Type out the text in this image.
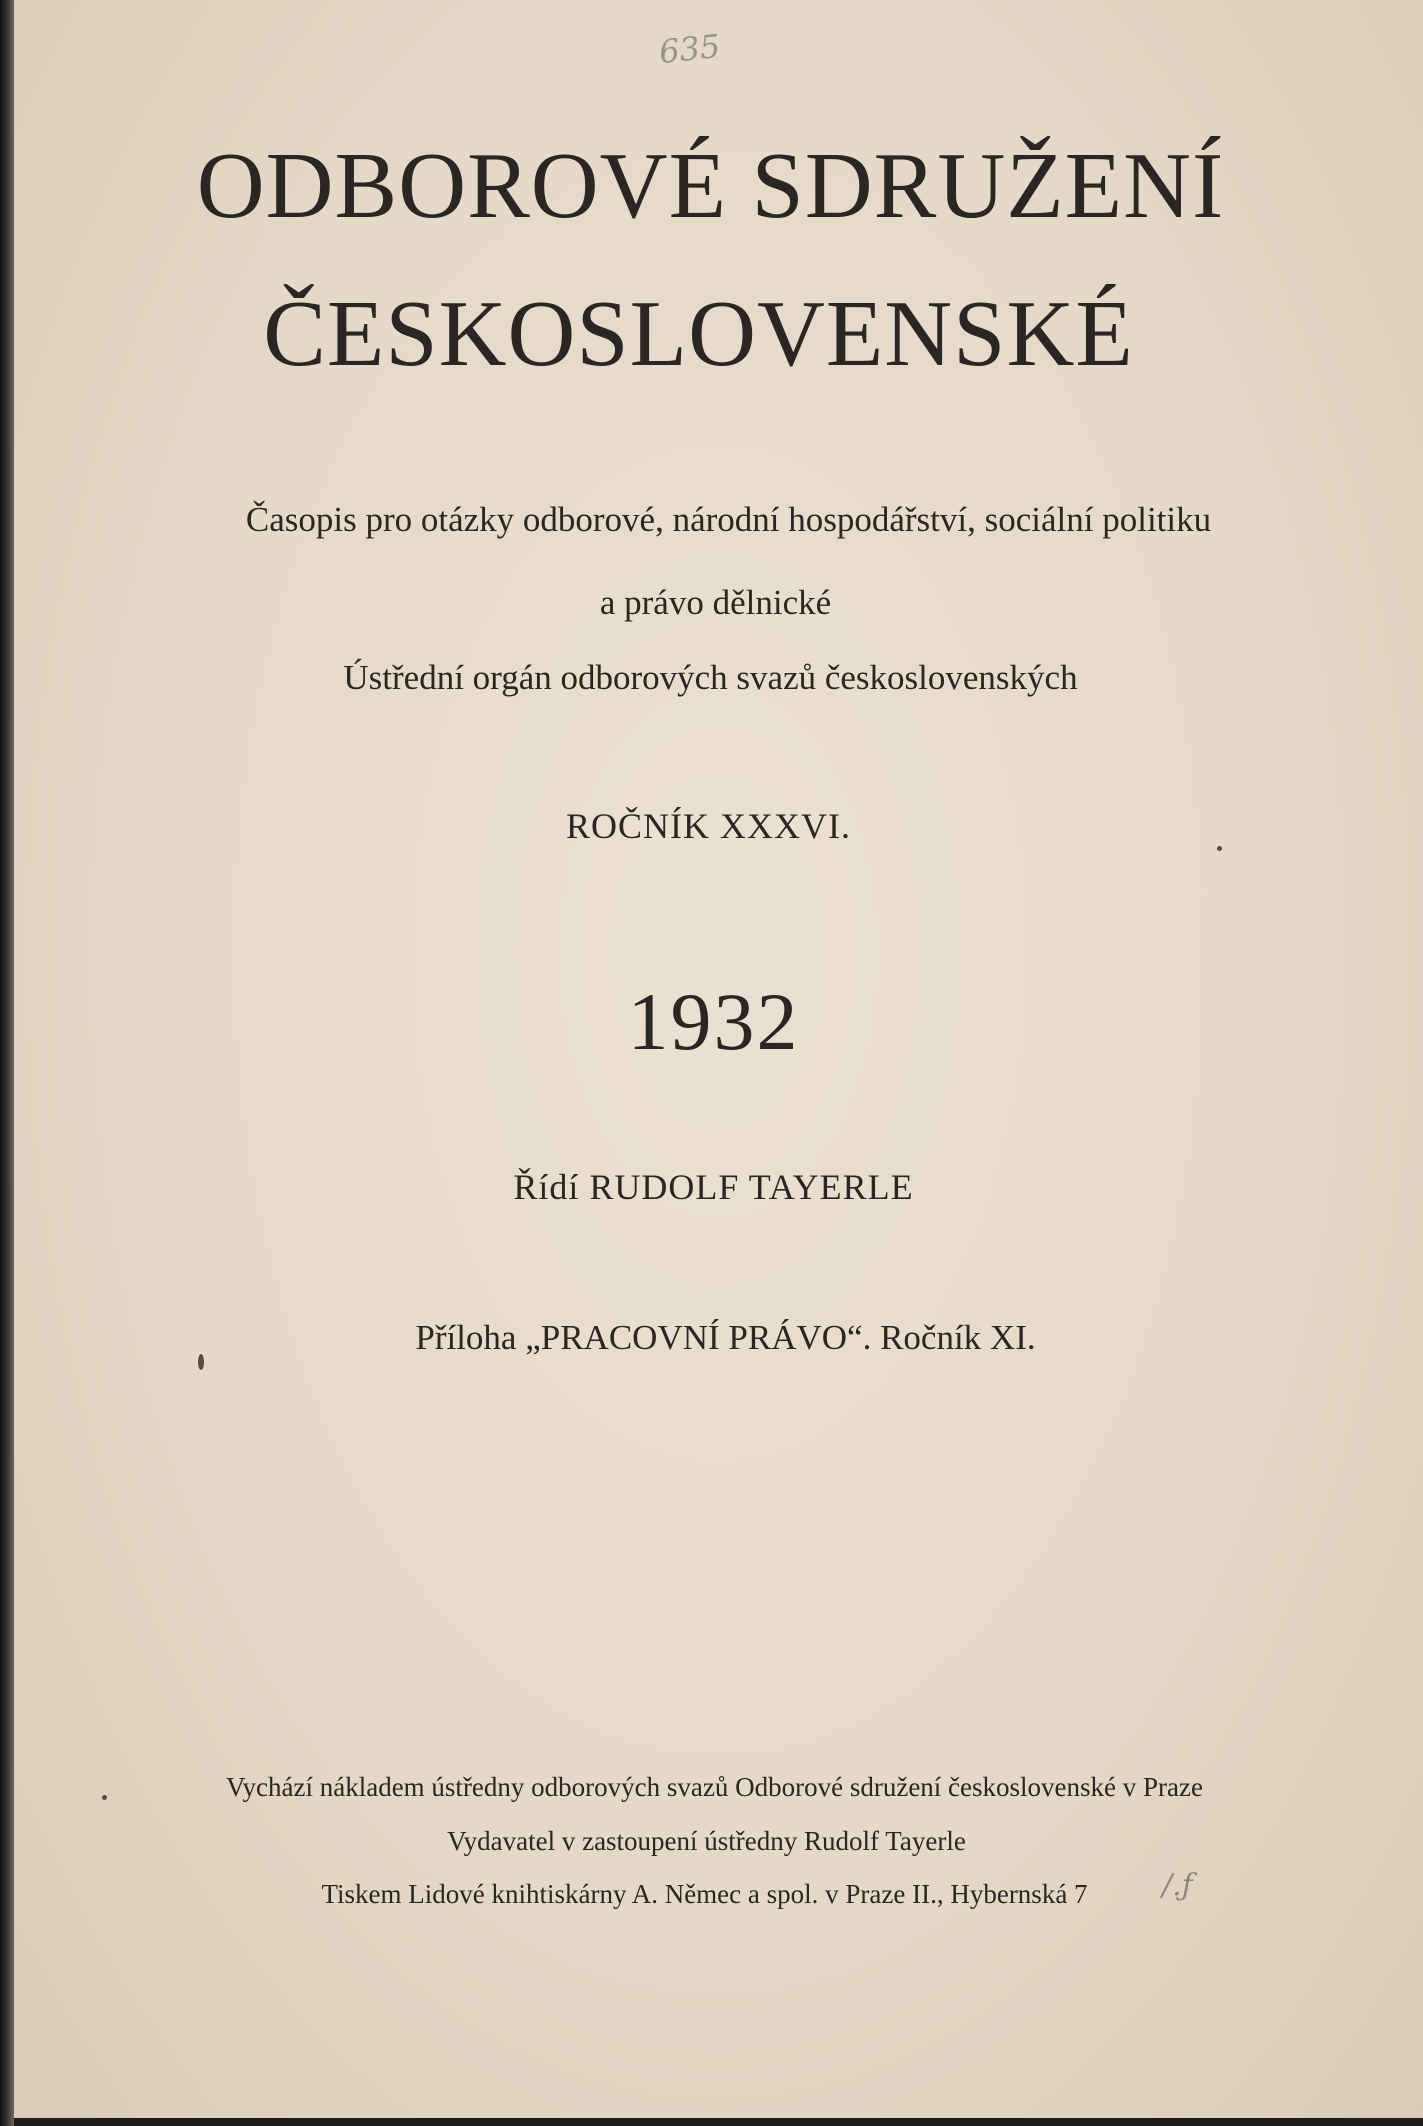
635

ODBOROVÉ SDRUŽENÍ

ČESKOSLOVENSKÉ

Časopis pro otázky odborové, národní hospodářství, sociální politiku

a právo dělnické

Ústřední orgán odborových svazů československých

ROČNÍK XXXVI.

1932

Řídí RUDOLF TAYERLE

Příloha „PRACOVNÍ PRÁVO“. Ročník XI.

Vychází nákladem ústředny odborových svazů Odborové sdružení československé v Praze

Vydavatel v zastoupení ústředny Rudolf Tayerle

Tiskem Lidové knihtiskárny A. Němec a spol. v Praze II., Hybernská 7	/.ƒ
